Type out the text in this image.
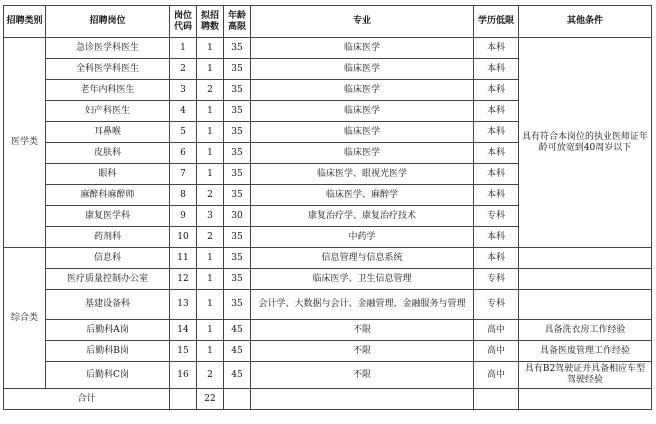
招聘类别	招聘岗位	岗位代码	拟招聘数	年龄高限	专业	学历低限	其他条件
医学类	急诊医学科医生	1	1	35	临床医学	本科	具有符合本岗位的执业医师证年龄可放宽到40周岁以下
	全科医学科医生	2	1	35	临床医学	本科	
	老年内科医生	3	2	35	临床医学	本科	
	妇产科医生	4	1	35	临床医学	本科	
	耳鼻喉	5	1	35	临床医学	本科	
	皮肤科	6	1	35	临床医学	本科	
	眼科	7	1	35	临床医学、眼视光医学	本科	
	麻醉科麻醉师	8	2	35	临床医学、麻醉学	本科	
	康复医学科	9	3	30	康复治疗学、康复治疗技术	专科	
	药剂科	10	2	35	中药学	本科	
综合类	信息科	11	1	35	信息管理与信息系统	本科	
	医疗质量控制办公室	12	1	35	临床医学、卫生信息管理	专科	
	基建设备科	13	1	35	会计学、大数据与会计、金融管理、金融服务与管理	专科	
	后勤科A岗	14	1	45	不限	高中	具备洗衣房工作经验
	后勤科B岗	15	1	45	不限	高中	具备医废管理工作经验
	后勤科C岗	16	2	45	不限	高中	具有B2驾驶证并具备相应车型驾驶经验
合计			22				
